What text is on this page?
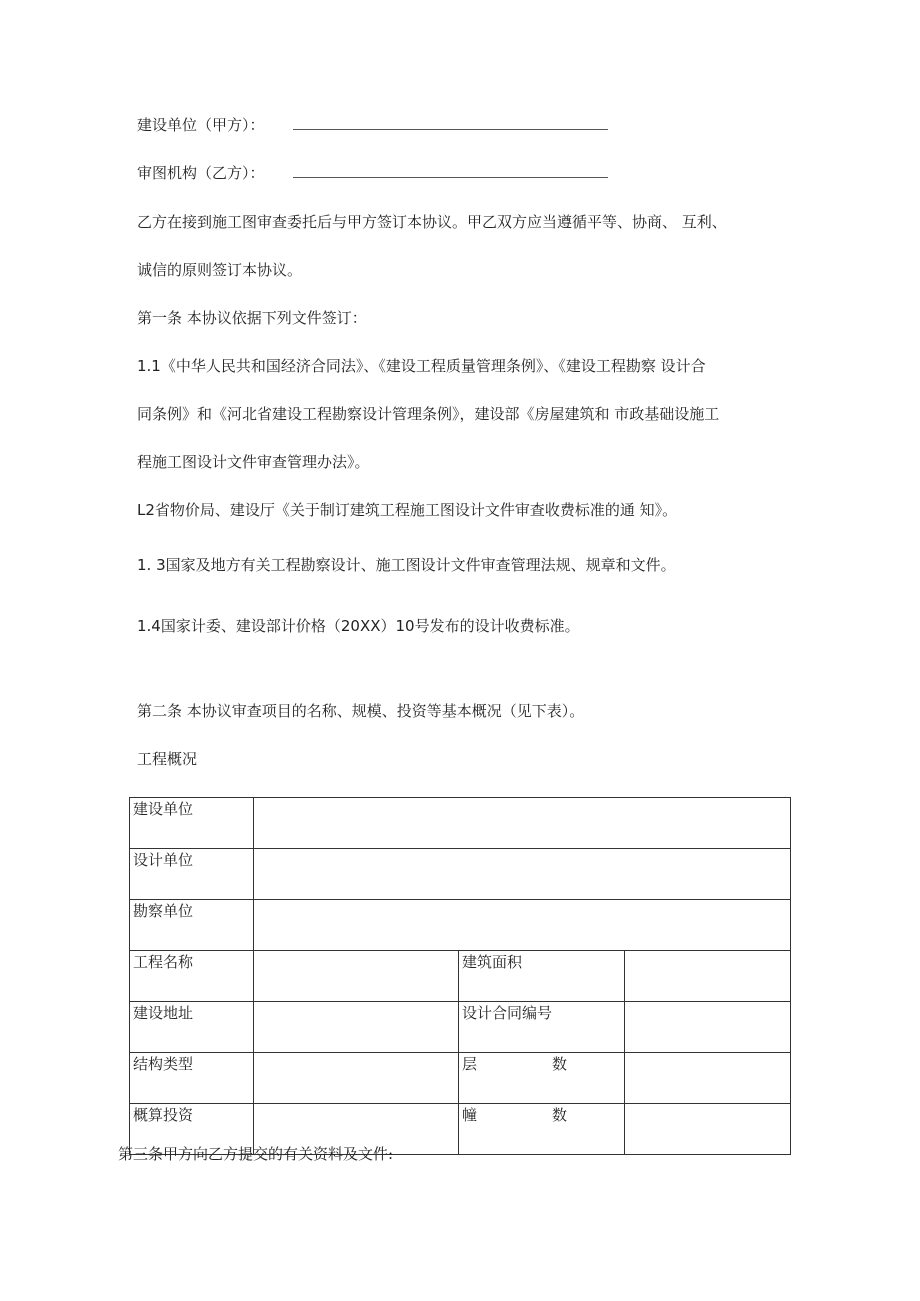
建设单位（甲方）：
审图机构（乙方）：
乙方在接到施工图审查委托后与甲方签订本协议。甲乙双方应当遵循平等、协商、 互利、
诚信的原则签订本协议。
第一条 本协议依据下列文件签订：
1.1《中华人民共和国经济合同法》、《建设工程质量管理条例》、《建设工程勘察 设计合
同条例》和《河北省建设工程勘察设计管理条例》，建设部《房屋建筑和 市政基础设施工
程施工图设计文件审查管理办法》。
L2省物价局、建设厅《关于制订建筑工程施工图设计文件审查收费标准的通 知》。
1. 3国家及地方有关工程勘察设计、施工图设计文件审查管理法规、规章和文件。
1.4国家计委、建设部计价格（20XX）10号发布的设计收费标准。
第二条 本协议审查项目的名称、规模、投资等基本概况（见下表）。
工程概况
建设单位			
设计单位			
勘察单位			
工程名称		建筑面积	
建设地址		设计合同编号	
结构类型		层 数	

概算投资		幢 数	

第三条甲方向乙方提交的有关资料及文件:
